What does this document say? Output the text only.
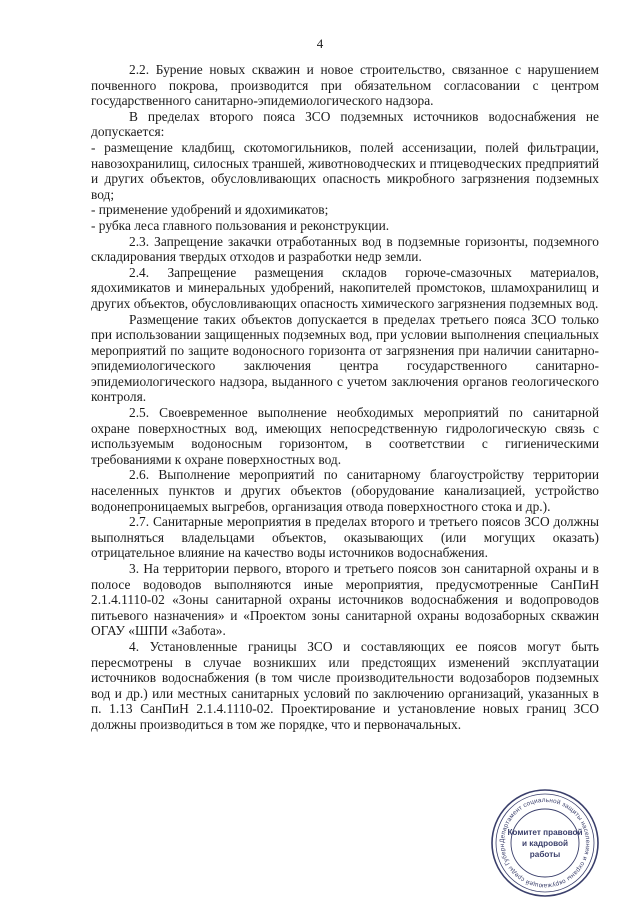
4

2.2. Бурение новых скважин и новое строительство, связанное с нарушением почвенного покрова, производится при обязательном согласовании с центром государственного санитарно-эпидемиологического надзора.

В пределах второго пояса ЗСО подземных источников водоснабжения не допускается:

- размещение кладбищ, скотомогильников, полей ассенизации, полей фильтрации, навозохранилищ, силосных траншей, животноводческих и птицеводческих предприятий и других объектов, обусловливающих опасность микробного загрязнения подземных вод;

- применение удобрений и ядохимикатов;

- рубка леса главного пользования и реконструкции.

2.3. Запрещение закачки отработанных вод в подземные горизонты, подземного складирования твердых отходов и разработки недр земли.

2.4. Запрещение размещения складов горюче-смазочных материалов, ядохимикатов и минеральных удобрений, накопителей промстоков, шламохранилищ и других объектов, обусловливающих опасность химического загрязнения подземных вод.

Размещение таких объектов допускается в пределах третьего пояса ЗСО только при использовании защищенных подземных вод, при условии выполнения специальных мероприятий по защите водоносного горизонта от загрязнения при наличии санитарно-эпидемиологического заключения центра государственного санитарно-эпидемиологического надзора, выданного с учетом заключения органов геологического контроля.

2.5. Своевременное выполнение необходимых мероприятий по санитарной охране поверхностных вод, имеющих непосредственную гидрологическую связь с используемым водоносным горизонтом, в соответствии с гигиеническими требованиями к охране поверхностных вод.

2.6. Выполнение мероприятий по санитарному благоустройству территории населенных пунктов и других объектов (оборудование канализацией, устройство водонепроницаемых выгребов, организация отвода поверхностного стока и др.).

2.7. Санитарные мероприятия в пределах второго и третьего поясов ЗСО должны выполняться владельцами объектов, оказывающих (или могущих оказать) отрицательное влияние на качество воды источников водоснабжения.

3. На территории первого, второго и третьего поясов зон санитарной охраны и в полосе водоводов выполняются иные мероприятия, предусмотренные СанПиН 2.1.4.1110-02 «Зоны санитарной охраны источников водоснабжения и водопроводов питьевого назначения» и «Проектом зоны санитарной охраны водозаборных скважин ОГАУ «ШПИ «Забота».

4. Установленные границы ЗСО и составляющих ее поясов могут быть пересмотрены в случае возникших или предстоящих изменений эксплуатации источников водоснабжения (в том числе производительности водозаборов подземных вод и др.) или местных санитарных условий по заключению организаций, указанных в п. 1.13 СанПиН 2.1.4.1110-02. Проектирование и установление новых границ ЗСО должны производиться в том же порядке, что и первоначальных.

Департамент социальной защиты населения и охраны окружающей среды Губерн
Комитет правовой
и кадровой
работы
